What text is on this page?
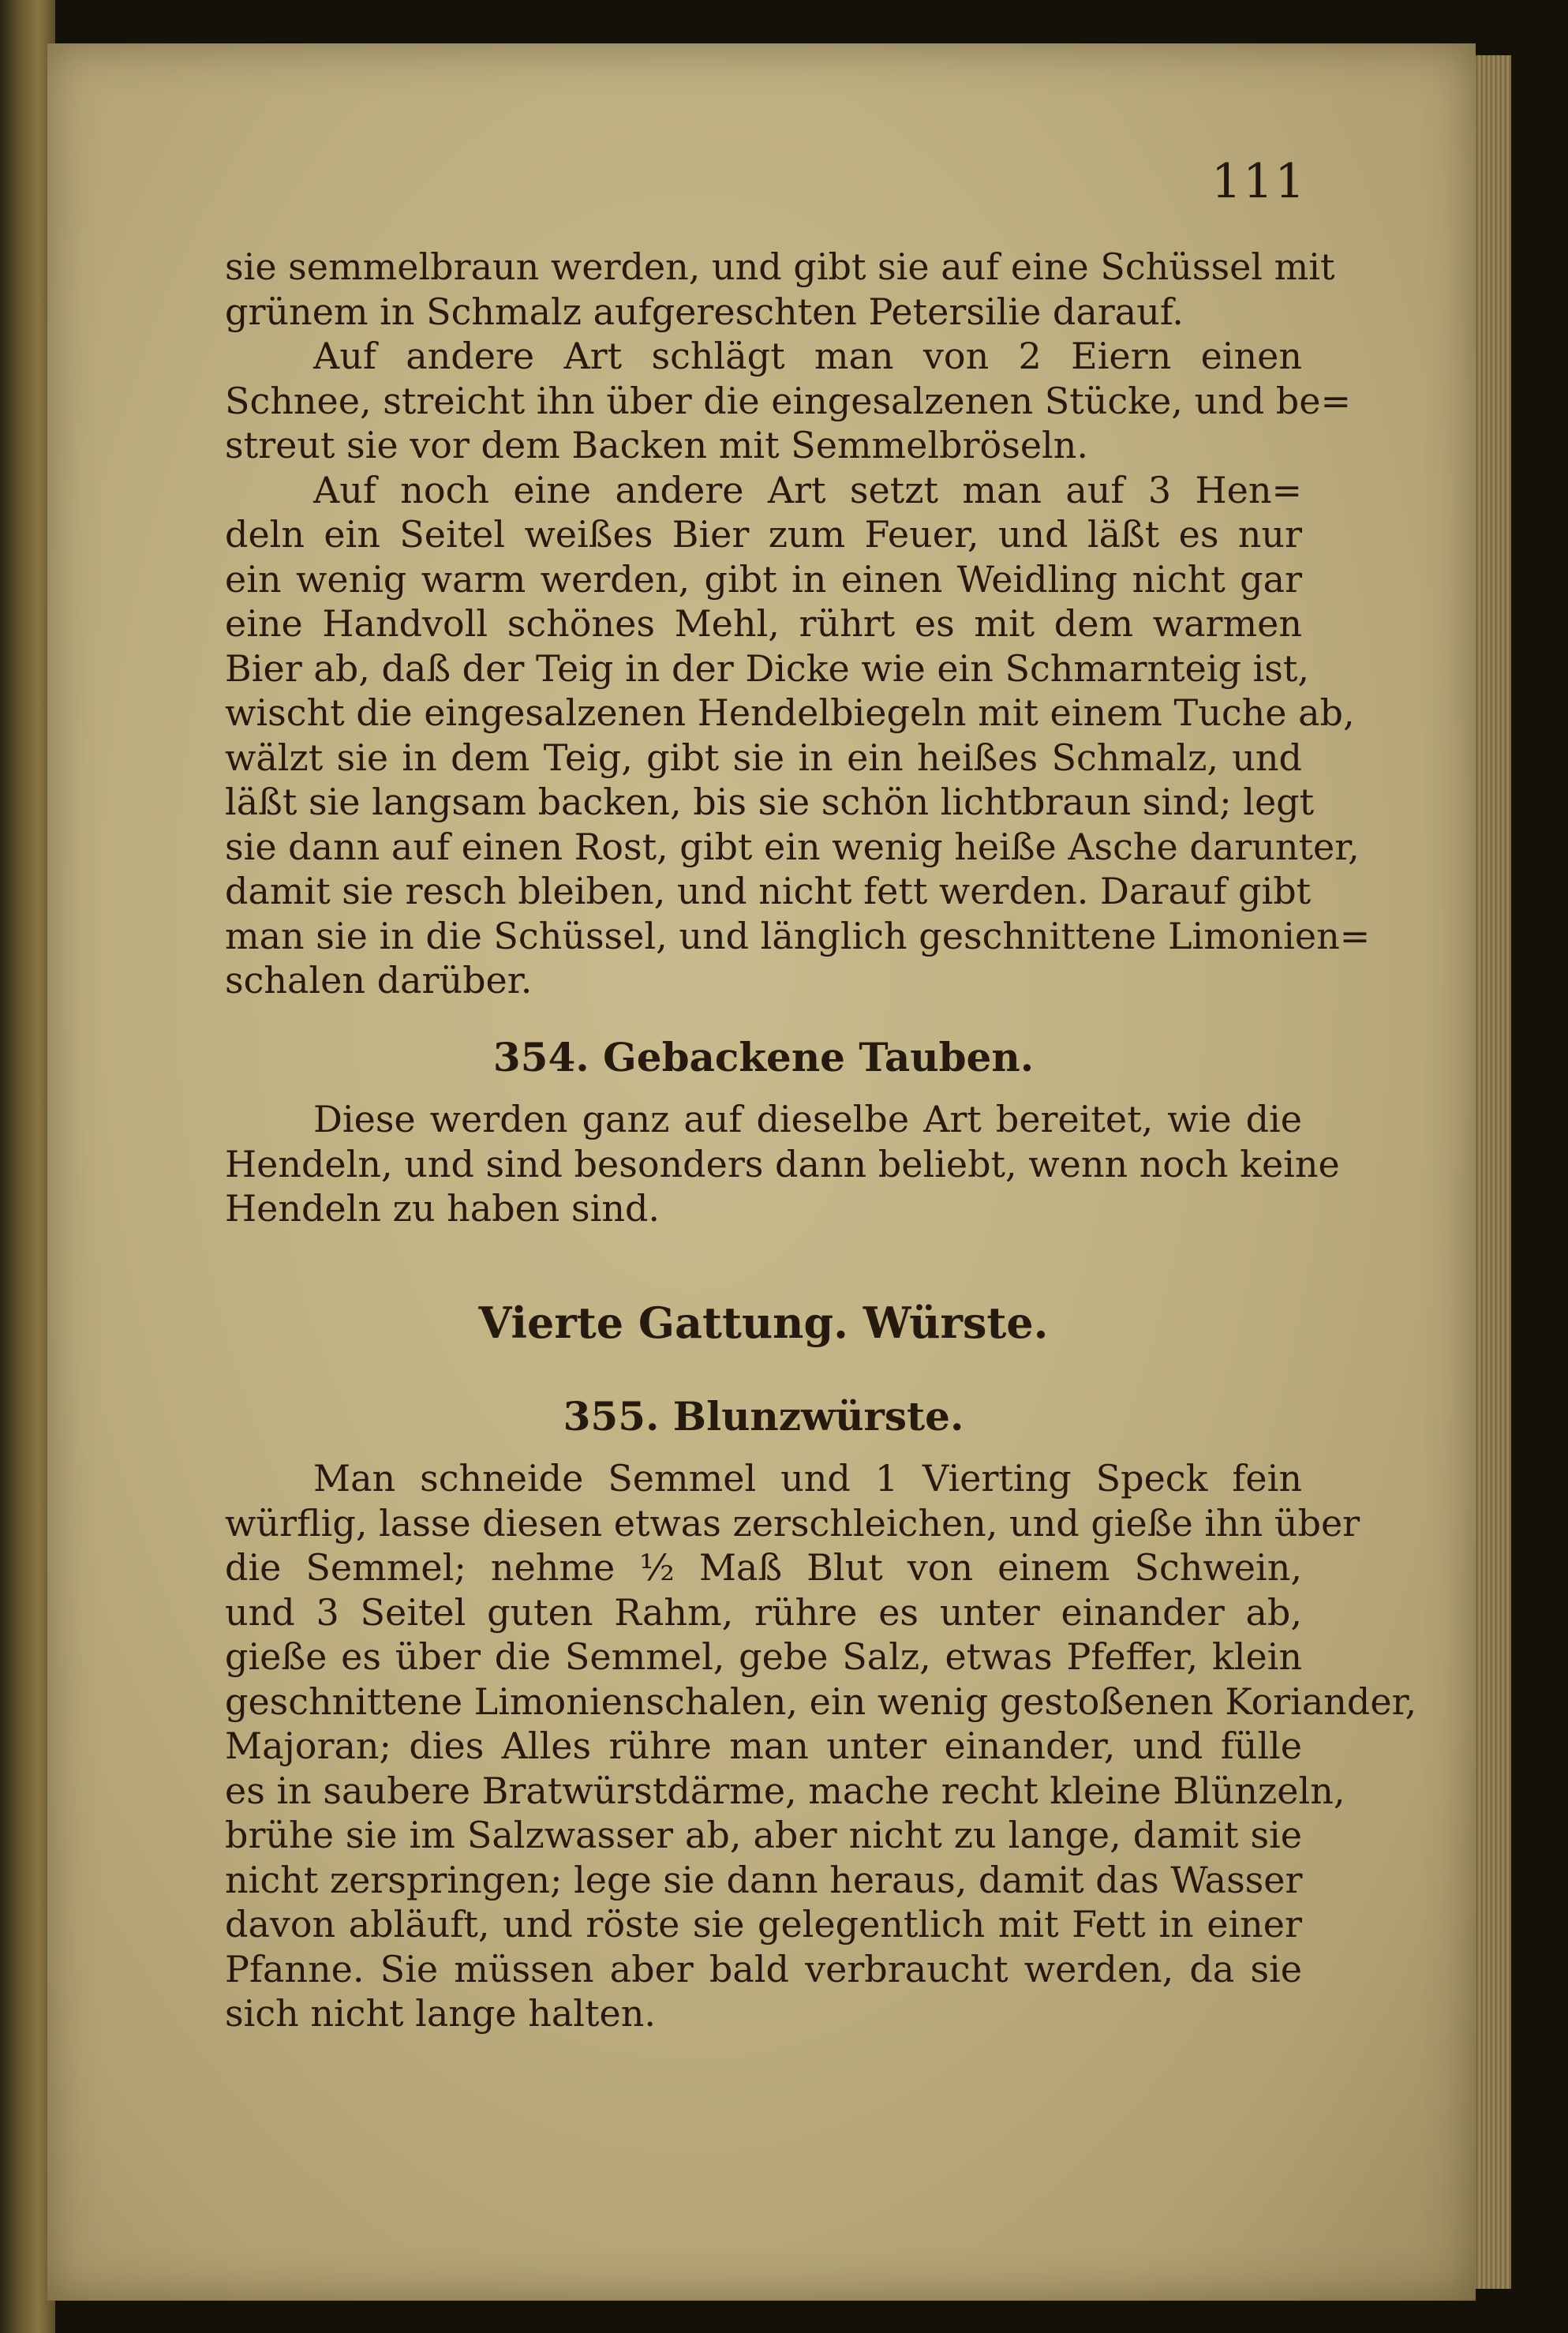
111
sie semmelbraun werden, und gibt sie auf eine Schüssel mit
grünem in Schmalz aufgereschten Petersilie darauf.
Auf andere Art schlägt man von 2 Eiern einen
Schnee, streicht ihn über die eingesalzenen Stücke, und be=
streut sie vor dem Backen mit Semmelbröseln.
Auf noch eine andere Art setzt man auf 3 Hen=
deln ein Seitel weißes Bier zum Feuer, und läßt es nur
ein wenig warm werden, gibt in einen Weidling nicht gar
eine Handvoll schönes Mehl, rührt es mit dem warmen
Bier ab, daß der Teig in der Dicke wie ein Schmarnteig ist,
wischt die eingesalzenen Hendelbiegeln mit einem Tuche ab,
wälzt sie in dem Teig, gibt sie in ein heißes Schmalz, und
läßt sie langsam backen, bis sie schön lichtbraun sind; legt
sie dann auf einen Rost, gibt ein wenig heiße Asche darunter,
damit sie resch bleiben, und nicht fett werden. Darauf gibt
man sie in die Schüssel, und länglich geschnittene Limonien=
schalen darüber.
354. Gebackene Tauben.
Diese werden ganz auf dieselbe Art bereitet, wie die
Hendeln, und sind besonders dann beliebt, wenn noch keine
Hendeln zu haben sind.
Vierte Gattung. Würste.
355. Blunzwürste.
Man schneide Semmel und 1 Vierting Speck fein
würflig, lasse diesen etwas zerschleichen, und gieße ihn über
die Semmel; nehme ½ Maß Blut von einem Schwein,
und 3 Seitel guten Rahm, rühre es unter einander ab,
gieße es über die Semmel, gebe Salz, etwas Pfeffer, klein
geschnittene Limonienschalen, ein wenig gestoßenen Koriander,
Majoran; dies Alles rühre man unter einander, und fülle
es in saubere Bratwürstdärme, mache recht kleine Blünzeln,
brühe sie im Salzwasser ab, aber nicht zu lange, damit sie
nicht zerspringen; lege sie dann heraus, damit das Wasser
davon abläuft, und röste sie gelegentlich mit Fett in einer
Pfanne. Sie müssen aber bald verbraucht werden, da sie
sich nicht lange halten.
